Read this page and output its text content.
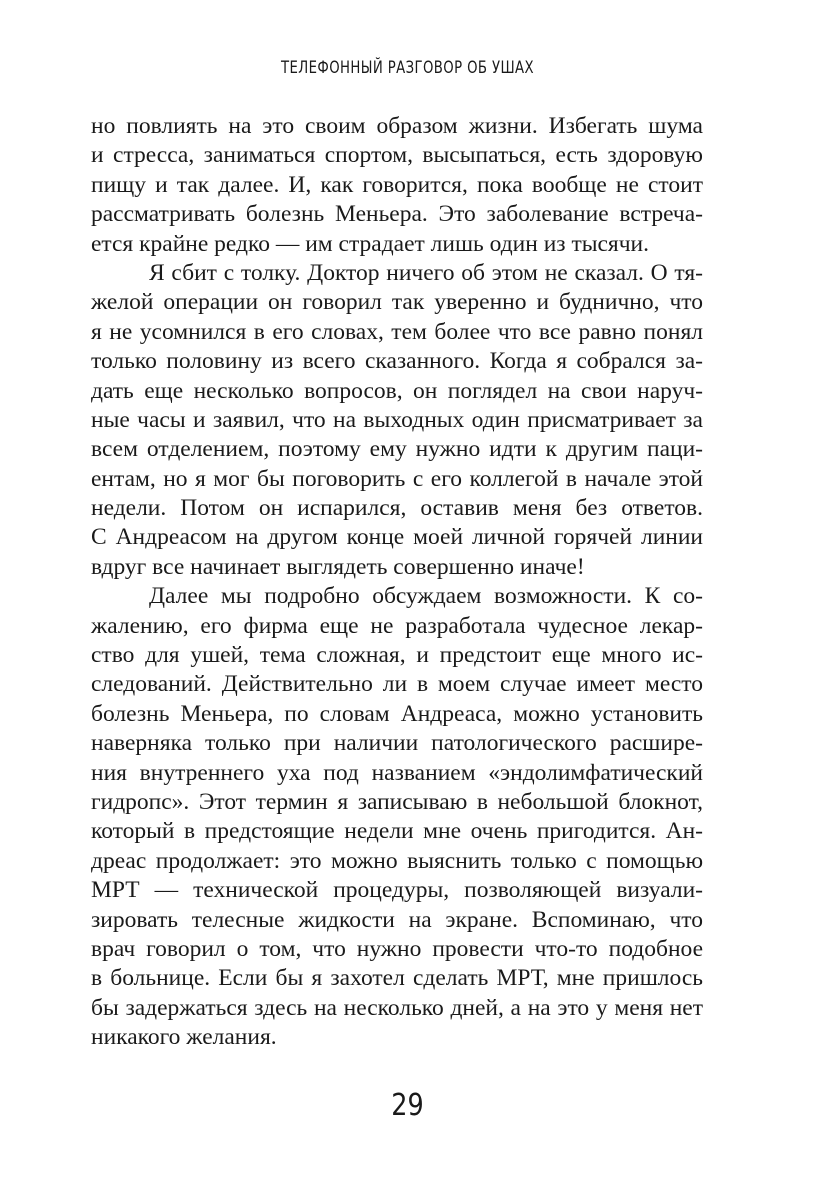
ТЕЛЕФОННЫЙ РАЗГОВОР ОБ УШАХ
но повлиять на это своим образом жизни. Избегать шума
и стресса, заниматься спортом, высыпаться, есть здоровую
пищу и так далее. И, как говорится, пока вообще не стоит
рассматривать болезнь Меньера. Это заболевание встреча-
ется крайне редко — им страдает лишь один из тысячи.
Я сбит с толку. Доктор ничего об этом не сказал. О тя-
желой операции он говорил так уверенно и буднично, что
я не усомнился в его словах, тем более что все равно понял
только половину из всего сказанного. Когда я собрался за-
дать еще несколько вопросов, он поглядел на свои наруч-
ные часы и заявил, что на выходных один присматривает за
всем отделением, поэтому ему нужно идти к другим паци-
ентам, но я мог бы поговорить с его коллегой в начале этой
недели. Потом он испарился, оставив меня без ответов.
С Андреасом на другом конце моей личной горячей линии
вдруг все начинает выглядеть совершенно иначе!
Далее мы подробно обсуждаем возможности. К со-
жалению, его фирма еще не разработала чудесное лекар-
ство для ушей, тема сложная, и предстоит еще много ис-
следований. Действительно ли в моем случае имеет место
болезнь Меньера, по словам Андреаса, можно установить
наверняка только при наличии патологического расшире-
ния внутреннего уха под названием «эндолимфатический
гидропс». Этот термин я записываю в небольшой блокнот,
который в предстоящие недели мне очень пригодится. Ан-
дреас продолжает: это можно выяснить только с помощью
МРТ — технической процедуры, позволяющей визуали-
зировать телесные жидкости на экране. Вспоминаю, что
врач говорил о том, что нужно провести что-то подобное
в больнице. Если бы я захотел сделать МРТ, мне пришлось
бы задержаться здесь на несколько дней, а на это у меня нет
никакого желания.
29
